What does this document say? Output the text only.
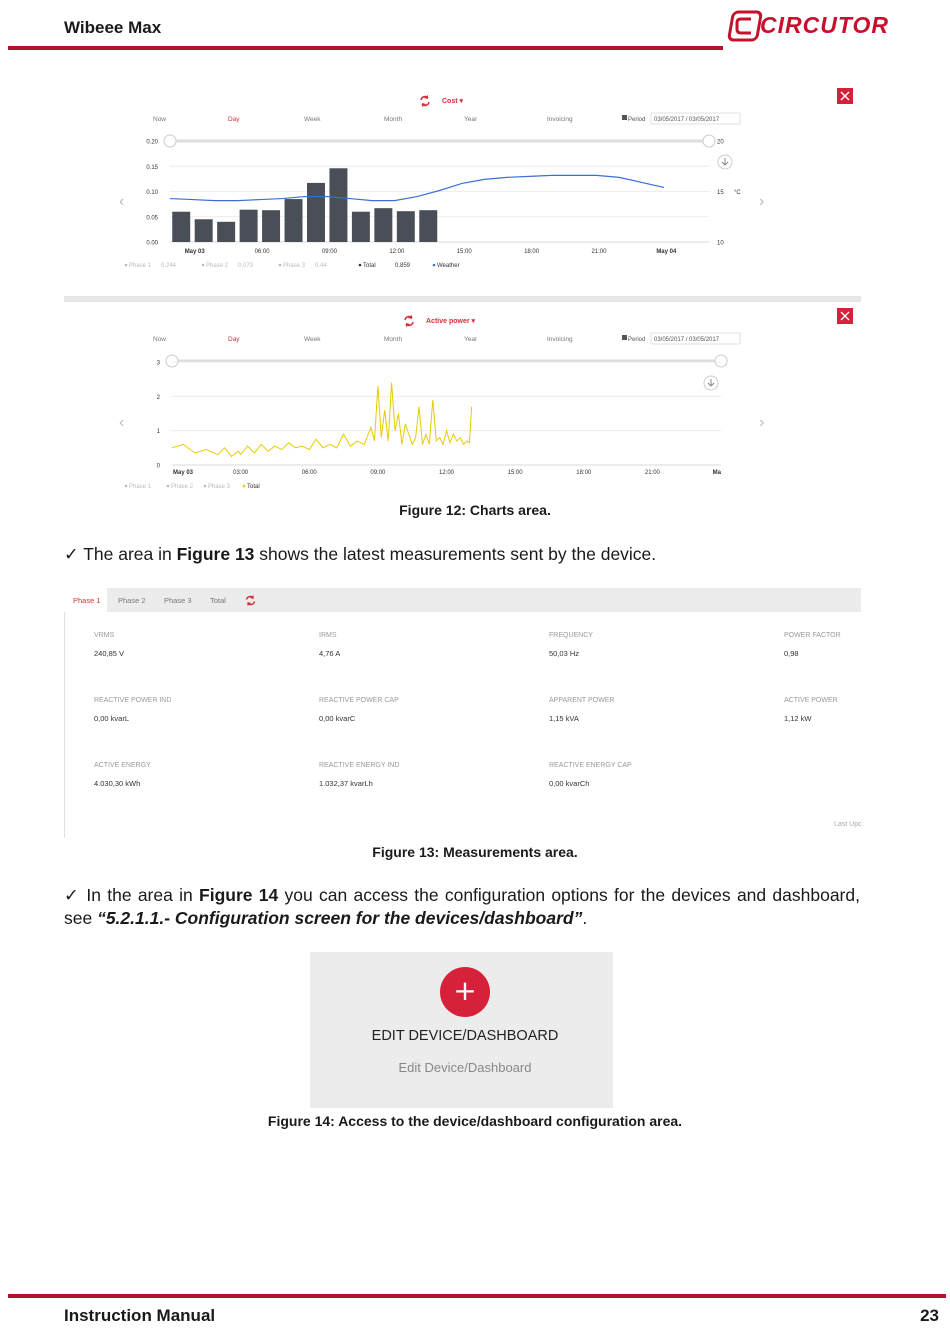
Wibeee Max	CIRCUTOR
Cost ▾
Now	Day	Week	Month	Year	Invoicing	Period 03/05/2017 / 03/05/2017
‹	›
0.00
0.05
0.10
0.15
0.20
10
15
20
°C
May 03	06:00	09:00	12:00	15:00	18:00	21:00	May 04
Phase 1 0.244	Phase 2 0.073	Phase 3 0.44	Total	0.859	Weather
Active power ▾
Now	Day	Week	Month	Year	Invoicing	Period 03/05/2017 / 03/05/2017
‹	›
0
1
2
3
May 03	03:00	06:00	09:00	12:00	15:00	18:00	21:00	Ma
Phase 1	Phase 2 Phase 3	Total
Figure 12: Charts area.
✓ The area in Figure 13 shows the latest measurements sent by the device.
Phase 1 Phase 2 Phase 3 Total
VRMS
240,85 V
IRMS
4,76 A
FREQUENCY
50,03 Hz
POWER FACTOR
0,98
REACTIVE POWER IND
0,00 kvarL
REACTIVE POWER CAP
0,00 kvarC
APPARENT POWER
1,15 kVA
ACTIVE POWER
1,12 kW
ACTIVE ENERGY
4.030,30 kWh
REACTIVE ENERGY IND
1.032,37 kvarLh
REACTIVE ENERGY CAP
0,00 kvarCh
Last Upc
Figure 13: Measurements area.
✓ In the area in Figure 14 you can access the configuration options for the devices and dashboard, see “5.2.1.1.- Configuration screen for the devices/dashboard”.
+
EDIT DEVICE/DASHBOARD
Edit Device/Dashboard
Figure 14: Access to the device/dashboard configuration area.
Instruction Manual	23
